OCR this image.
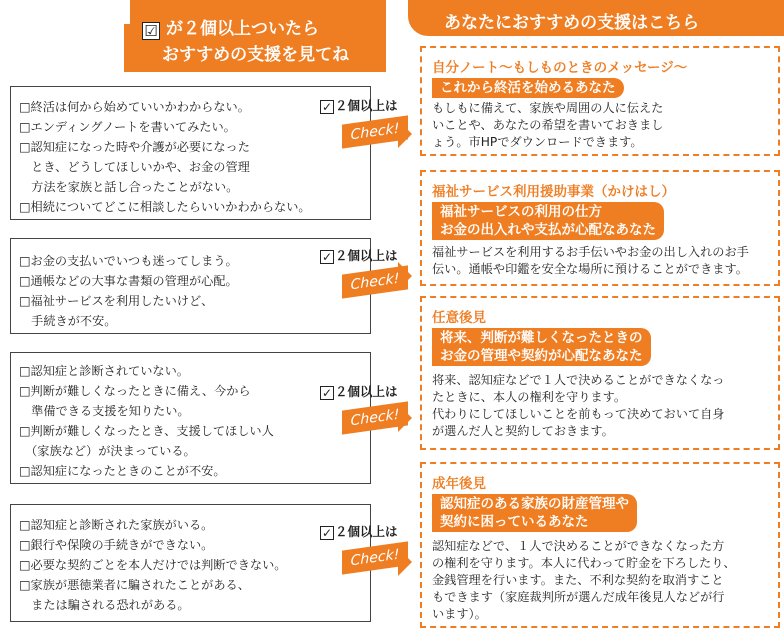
☑ が２個以上ついたら
おすすめの支援を見てね
あなたにおすすめの支援はこちら
□終活は何から始めていいかわからない。
□エンディングノートを書いてみたい。
□認知症になった時や介護が必要になった
　とき、どうしてほしいかや、お金の管理
　方法を家族と話し合ったことがない。
□相続についてどこに相談したらいいかわからない。
✓ ２個以上は
Check!
□お金の支払いでいつも迷ってしまう。
□通帳などの大事な書類の管理が心配。
□福祉サービスを利用したいけど、
　手続きが不安。
✓ ２個以上は
Check!
□認知症と診断されていない。
□判断が難しくなったときに備え、今から
　準備できる支援を知りたい。
□判断が難しくなったとき、支援してほしい人
　（家族など）が決まっている。
□認知症になったときのことが不安。
✓ ２個以上は
Check!
□認知症と診断された家族がいる。
□銀行や保険の手続きができない。
□必要な契約ごとを本人だけでは判断できない。
□家族が悪徳業者に騙されたことがある、
　または騙される恐れがある。
✓ ２個以上は
Check!
自分ノート～もしものときのメッセージ～
これから終活を始めるあなた
もしもに備えて、家族や周囲の人に伝えた
いことや、あなたの希望を書いておきまし
ょう。市HPでダウンロードできます。
福祉サービス利用援助事業（かけはし）
福祉サービスの利用の仕方
お金の出入れや支払が心配なあなた
福祉サービスを利用するお手伝いやお金の出し入れのお手
伝い。通帳や印鑑を安全な場所に預けることができます。
任意後見
将来、判断が難しくなったときの
お金の管理や契約が心配なあなた
将来、認知症などで１人で決めることができなくなっ
たときに、本人の権利を守ります。
代わりにしてほしいことを前もって決めておいて自身
が選んだ人と契約しておきます。
成年後見
認知症のある家族の財産管理や
契約に困っているあなた
認知症などで、１人で決めることができなくなった方
の権利を守ります。本人に代わって貯金を下ろしたり、
金銭管理を行います。また、不利な契約を取消すこと
もできます（家庭裁判所が選んだ成年後見人などが行
います）。
